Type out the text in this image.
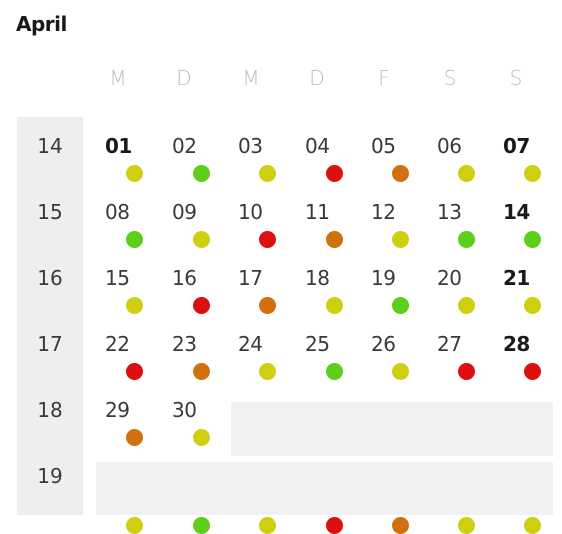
April
M	D	M	D	F	S	S
14	01 02 03 04 05 06 07
15	08 09 10 11 12 13 14
16	15 16 17 18 19 20 21
17	22 23 24 25 26 27 28
18	29 30
19
